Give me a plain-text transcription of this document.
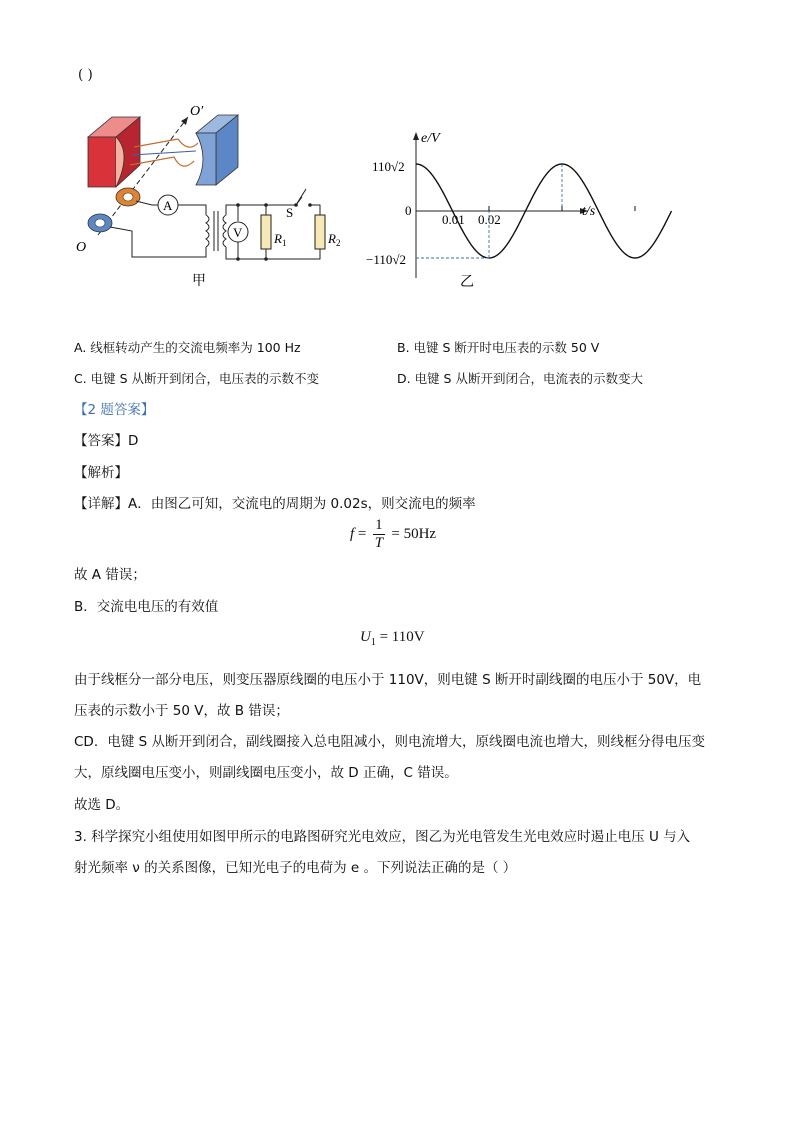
( )
O′
O
A	S
V $R_1$	$R_2$
甲
e/V
t/s
110√2
0
−110√2
0.01 0.02
乙
A. 线框转动产生的交流电频率为 100 Hz	B. 电键 S 断开时电压表的示数 50 V
C. 电键 S 从断开到闭合，电压表的示数不变	D. 电键 S 从断开到闭合，电流表的示数变大
【2 题答案】
【答案】D
【解析】
【详解】A．由图乙可知，交流电的周期为 0.02s，则交流电的频率
$f = \frac{1}{T} = 50Hz$
故 A 错误；
B．交流电电压的有效值
$U_1 = 110V$
由于线框分一部分电压，则变压器原线圈的电压小于 110V，则电键 S 断开时副线圈的电压小于 50V，电
压表的示数小于 50 V，故 B 错误；
CD．电键 S 从断开到闭合，副线圈接入总电阻减小，则电流增大，原线圈电流也增大，则线框分得电压变
大，原线圈电压变小，则副线圈电压变小，故 D 正确，C 错误。
故选 D。
3. 科学探究小组使用如图甲所示的电路图研究光电效应，图乙为光电管发生光电效应时遏止电压 U 与入
射光频率 ν 的关系图像，已知光电子的电荷为 e 。下列说法正确的是（ ）
